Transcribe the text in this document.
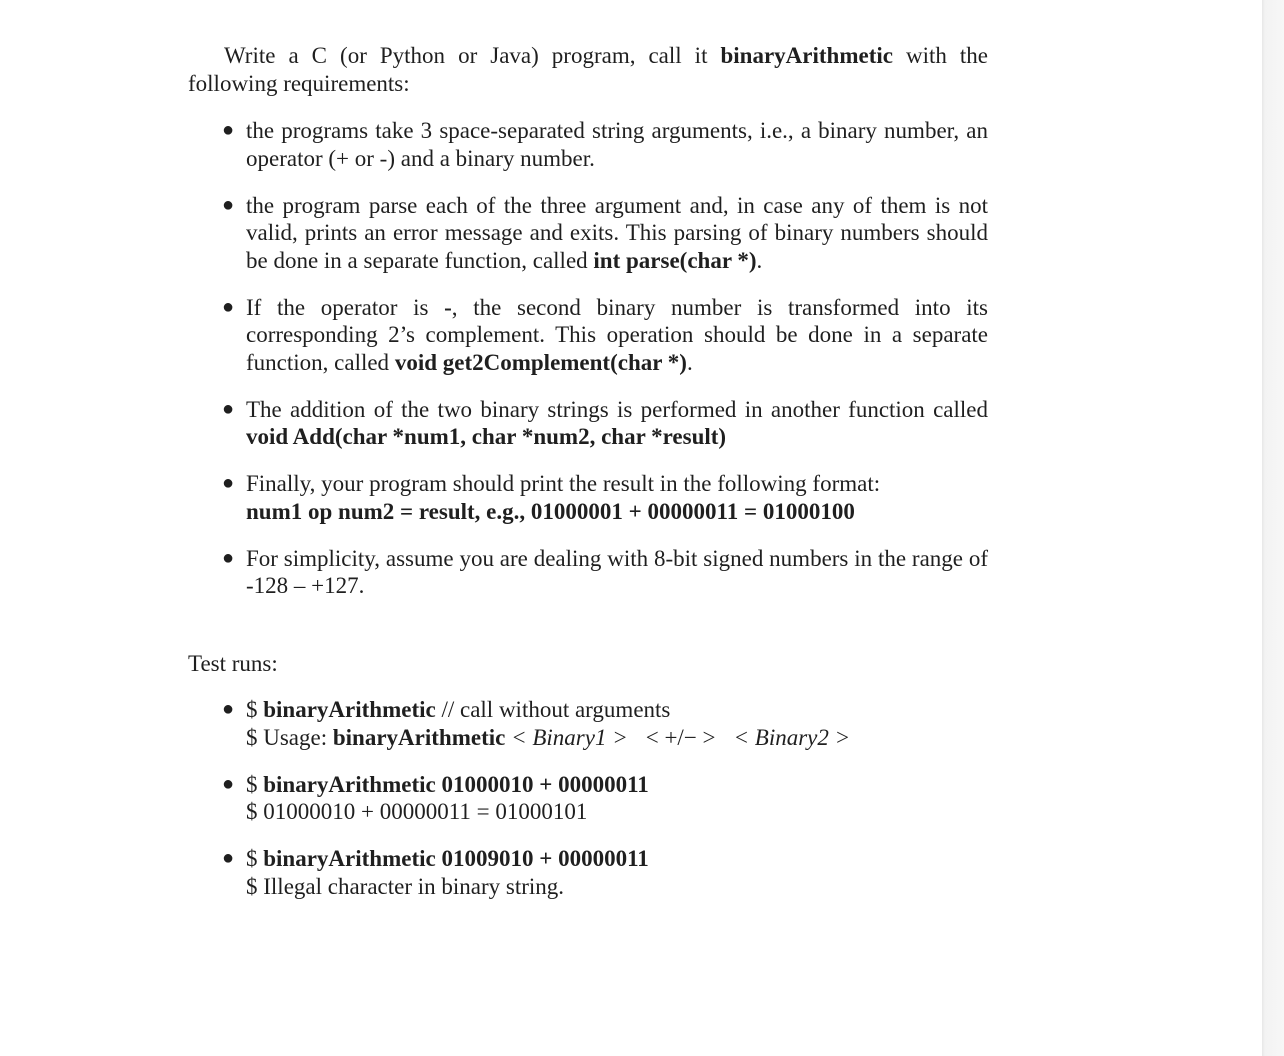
Write a C (or Python or Java) program, call it binaryArithmetic with the following requirements:

● the programs take 3 space-separated string arguments, i.e., a binary number, an operator (+ or -) and a binary number.
● the program parse each of the three argument and, in case any of them is not valid, prints an error message and exits. This parsing of binary numbers should be done in a separate function, called int parse(char *).
● If the operator is -, the second binary number is transformed into its corresponding 2’s complement. This operation should be done in a separate function, called void get2Complement(char *).
● The addition of the two binary strings is performed in another function called void Add(char *num1, char *num2, char *result)
● Finally, your program should print the result in the following format:
num1 op num2 = result, e.g., 01000001 + 00000011 = 01000100
● For simplicity, assume you are dealing with 8-bit signed numbers in the range of -128 – +127.

Test runs:

● $ binaryArithmetic // call without arguments
$ Usage: binaryArithmetic < Binary1 > < +/− > < Binary2 >
● $ binaryArithmetic 01000010 + 00000011
$ 01000010 + 00000011 = 01000101
● $ binaryArithmetic 01009010 + 00000011
$ Illegal character in binary string.
